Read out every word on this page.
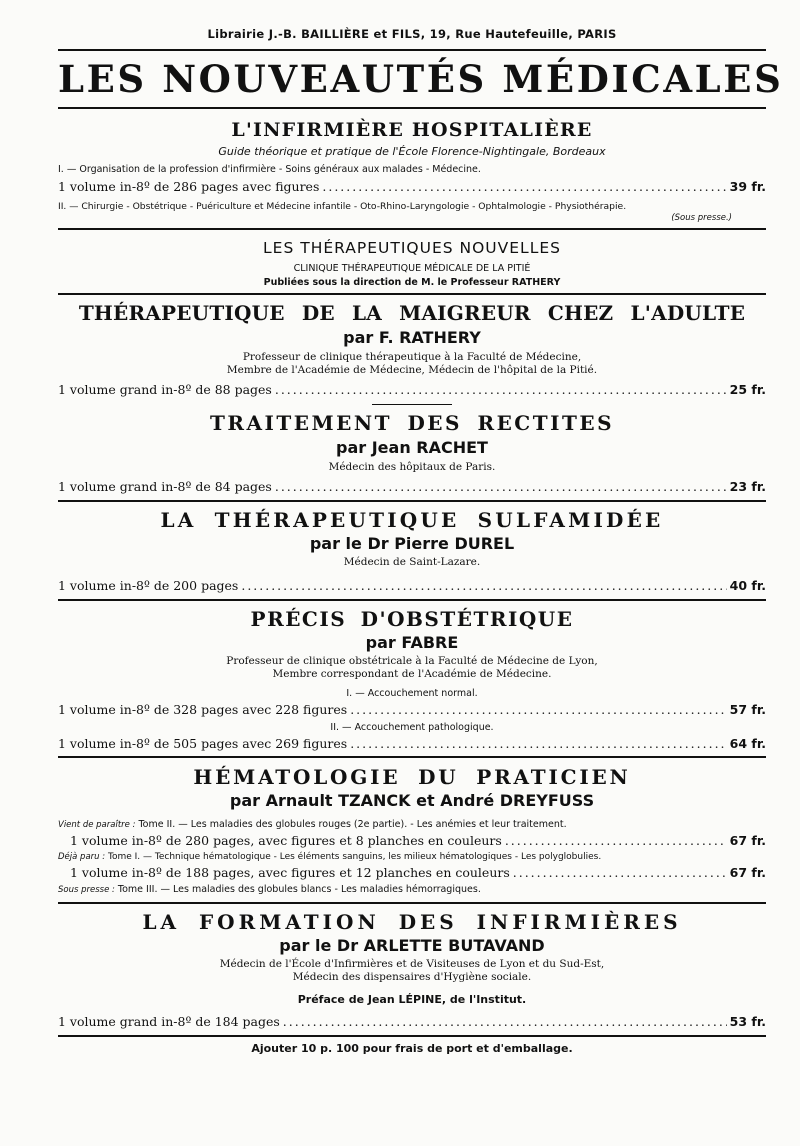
Librairie J.-B. BAILLIÈRE et FILS, 19, Rue Hautefeuille, PARIS
LES NOUVEAUTÉS MÉDICALES
L'INFIRMIÈRE HOSPITALIÈRE
Guide théorique et pratique de l'École Florence-Nightingale, Bordeaux
I. — Organisation de la profession d'infirmière - Soins généraux aux malades - Médecine.
1 volume in-8º de 286 pages avec figures .....	39 fr.
II. — Chirurgie - Obstétrique - Puériculture et Médecine infantile - Oto-Rhino-Laryngologie - Ophtalmologie - Physiothérapie.
(Sous presse.)
LES THÉRAPEUTIQUES NOUVELLES
CLINIQUE THÉRAPEUTIQUE MÉDICALE DE LA PITIÉ
Publiées sous la direction de M. le Professeur RATHERY
THÉRAPEUTIQUE DE LA MAIGREUR CHEZ L'ADULTE
par F. RATHERY
Professeur de clinique thérapeutique à la Faculté de Médecine,
Membre de l'Académie de Médecine, Médecin de l'hôpital de la Pitié.
1 volume grand in-8º de 88 pages .....	25 fr.
TRAITEMENT DES RECTITES
par Jean RACHET
Médecin des hôpitaux de Paris.
1 volume grand in-8º de 84 pages .....	23 fr.
LA THÉRAPEUTIQUE SULFAMIDÉE
par le Dr Pierre DUREL
Médecin de Saint-Lazare.
1 volume in-8º de 200 pages .....	40 fr.
PRÉCIS D'OBSTÉTRIQUE
par FABRE
Professeur de clinique obstétricale à la Faculté de Médecine de Lyon,
Membre correspondant de l'Académie de Médecine.
I. — Accouchement normal.
1 volume in-8º de 328 pages avec 228 figures .....	57 fr.
II. — Accouchement pathologique.
1 volume in-8º de 505 pages avec 269 figures .....	64 fr.
HÉMATOLOGIE DU PRATICIEN
par Arnault TZANCK et André DREYFUSS
Vient de paraître : Tome II. — Les maladies des globules rouges (2e partie). - Les anémies et leur traitement.
1 volume in-8º de 280 pages, avec figures et 8 planches en couleurs .....	67 fr.
Déjà paru : Tome I. — Technique hématologique - Les éléments sanguins, les milieux hématologiques - Les polyglobulies.
1 volume in-8º de 188 pages, avec figures et 12 planches en couleurs .....	67 fr.
Sous presse : Tome III. — Les maladies des globules blancs - Les maladies hémorragiques.
LA FORMATION DES INFIRMIÈRES
par le Dr ARLETTE BUTAVAND
Médecin de l'École d'Infirmières et de Visiteuses de Lyon et du Sud-Est,
Médecin des dispensaires d'Hygiène sociale.
Préface de Jean LÉPINE, de l'Institut.
1 volume grand in-8º de 184 pages .....	53 fr.
Ajouter 10 p. 100 pour frais de port et d'emballage.
